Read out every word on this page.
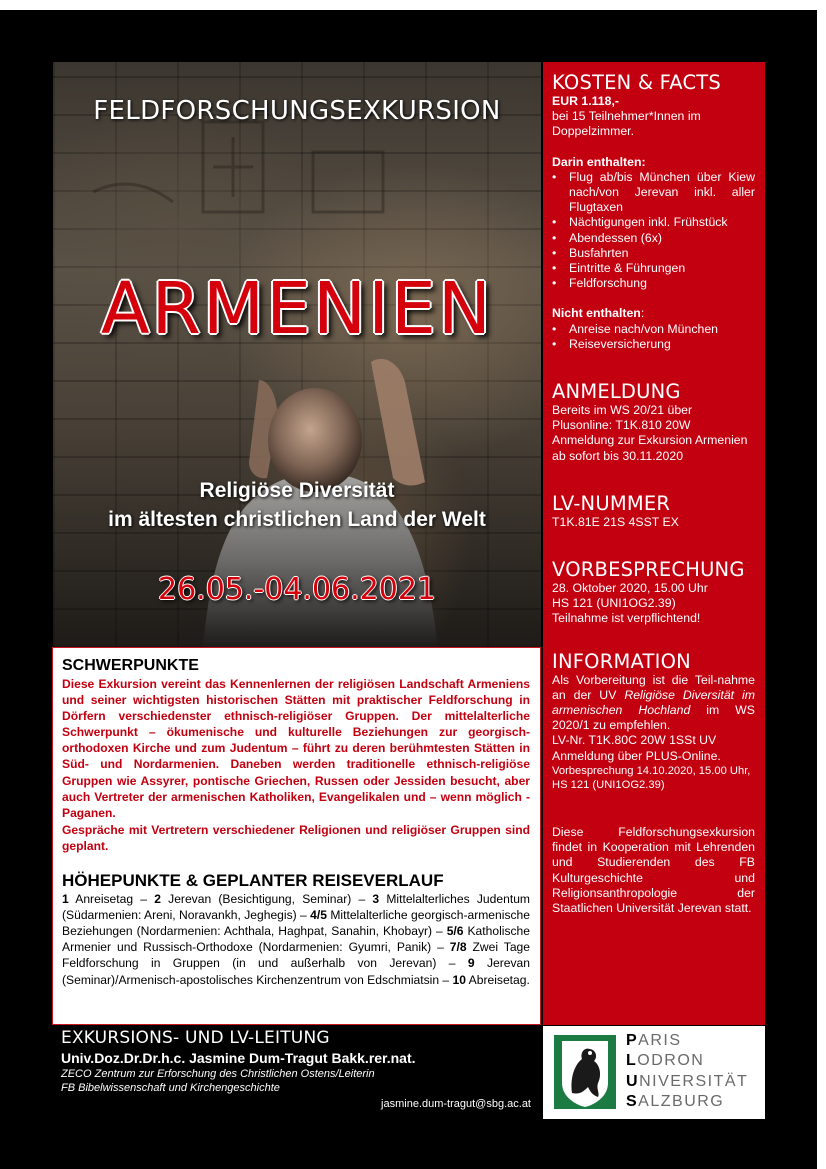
FELDFORSCHUNGSEXKURSION
ARMENIEN
Religiöse Diversität
im ältesten christlichen Land der Welt
26.05.-04.06.2021
SCHWERPUNKTE

Diese Exkursion vereint das Kennenlernen der religiösen Landschaft Armeniens und seiner wichtigsten historischen Stätten mit praktischer Feldforschung in Dörfern verschiedenster ethnisch-religiöser Gruppen. Der mittelalterliche Schwerpunkt – ökumenische und kulturelle Beziehungen zur georgisch-orthodoxen Kirche und zum Judentum – führt zu deren berühmtesten Stätten in Süd- und Nordarmenien. Daneben werden traditionelle ethnisch-religiöse Gruppen wie Assyrer, pontische Griechen, Russen oder Jessiden besucht, aber auch Vertreter der armenischen Katholiken, Evangelikalen und – wenn möglich - Paganen.

Gespräche mit Vertretern verschiedener Religionen und religiöser Gruppen sind geplant.

HÖHEPUNKTE & GEPLANTER REISEVERLAUF

1 Anreisetag – 2 Jerevan (Besichtigung, Seminar) – 3 Mittelalterliches Judentum (Südarmenien: Areni, Noravankh, Jeghegis) – 4/5 Mittelalterliche georgisch-armenische Beziehungen (Nordarmenien: Achthala, Haghpat, Sanahin, Khobayr) – 5/6 Katholische Armenier und Russisch-Orthodoxe (Nordarmenien: Gyumri, Panik) – 7/8 Zwei Tage Feldforschung in Gruppen (in und außerhalb von Jerevan) – 9 Jerevan (Seminar)/Armenisch-apostolisches Kirchenzentrum von Edschmiatsin – 10 Abreisetag.

EXKURSIONS- UND LV-LEITUNG
Univ.Doz.Dr.Dr.h.c. Jasmine Dum-Tragut Bakk.rer.nat.
ZECO Zentrum zur Erforschung des Christlichen Ostens/Leiterin
FB Bibelwissenschaft und Kirchengeschichte
jasmine.dum-tragut@sbg.ac.at
KOSTEN & FACTS
EUR 1.118,-
bei 15 Teilnehmer*Innen im Doppelzimmer.
Darin enthalten:
• Flug ab/bis München über Kiew nach/von Jerevan inkl. aller Flugtaxen
• Nächtigungen inkl. Frühstück
• Abendessen (6x)
• Busfahrten
• Eintritte & Führungen
• Feldforschung
Nicht enthalten:
• Anreise nach/von München
• Reiseversicherung
ANMELDUNG
Bereits im WS 20/21 über Plusonline: T1K.810 20W Anmeldung zur Exkursion Armenien ab sofort bis 30.11.2020
LV-NUMMER
T1K.81E 21S 4SST EX
VORBESPRECHUNG
28. Oktober 2020, 15.00 Uhr
HS 121 (UNI1OG2.39)
Teilnahme ist verpflichtend!
INFORMATION
Als Vorbereitung ist die Teil-nahme an der UV Religiöse Diversität im armenischen Hochland im WS 2020/1 zu empfehlen.
LV-Nr. T1K.80C 20W 1SSt UV Anmeldung über PLUS-Online.
Vorbesprechung 14.10.2020, 15.00 Uhr, HS 121 (UNI1OG2.39)
Diese Feldforschungsexkursion findet in Kooperation mit Lehrenden und Studierenden des FB Kulturgeschichte und Religionsanthropologie der Staatlichen Universität Jerevan statt.
PARIS
LODRON
UNIVERSITÄT
SALZBURG
